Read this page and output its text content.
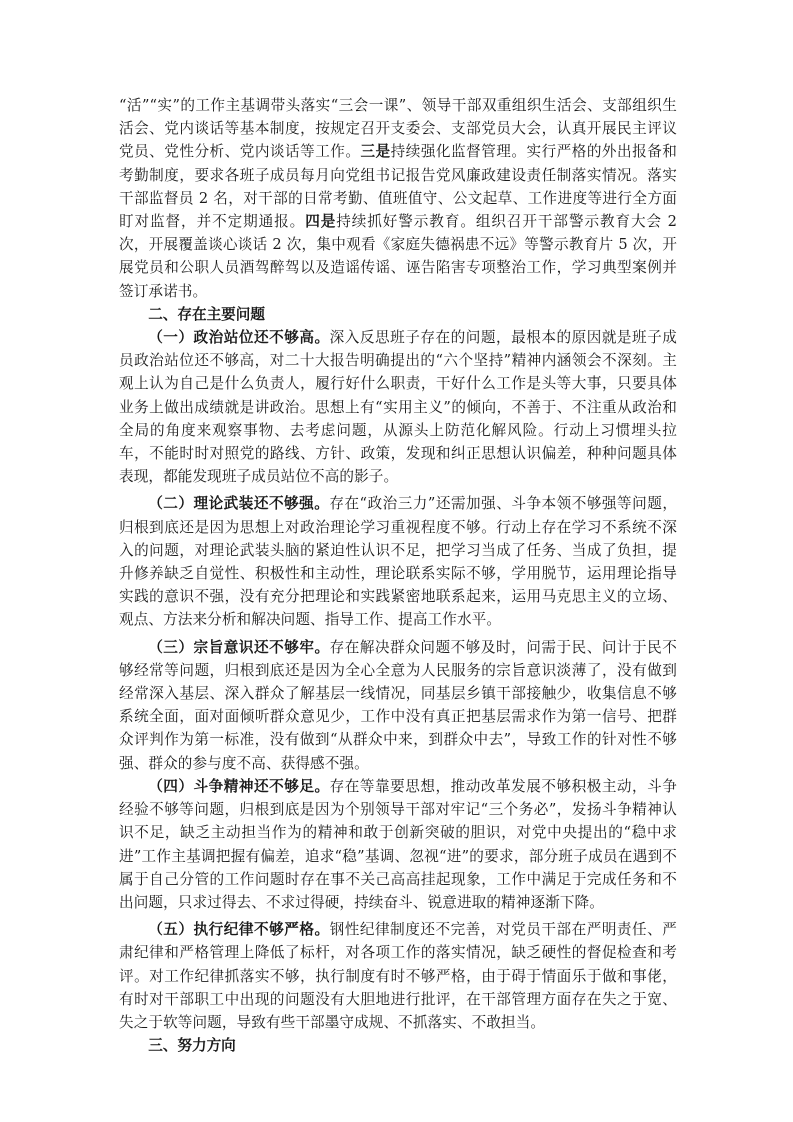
“活”“实”的工作主基调带头落实“三会一课”、领导干部双重组织生活会、支部组织生活会、党内谈话等基本制度，按规定召开支委会、支部党员大会，认真开展民主评议党员、党性分析、党内谈话等工作。三是持续强化监督管理。实行严格的外出报备和考勤制度，要求各班子成员每月向党组书记报告党风廉政建设责任制落实情况。落实干部监督员 2 名，对干部的日常考勤、值班值守、公文起草、工作进度等进行全方面盯对监督，并不定期通报。四是持续抓好警示教育。组织召开干部警示教育大会 2 次，开展覆盖谈心谈话 2 次，集中观看《家庭失德祸患不远》等警示教育片 5 次，开展党员和公职人员酒驾醉驾以及造谣传谣、诬告陷害专项整治工作，学习典型案例并签订承诺书。

二、存在主要问题

（一）政治站位还不够高。深入反思班子存在的问题，最根本的原因就是班子成员政治站位还不够高，对二十大报告明确提出的“六个坚持”精神内涵领会不深刻。主观上认为自己是什么负责人，履行好什么职责，干好什么工作是头等大事，只要具体业务上做出成绩就是讲政治。思想上有“实用主义”的倾向，不善于、不注重从政治和全局的角度来观察事物、去考虑问题，从源头上防范化解风险。行动上习惯埋头拉车，不能时时对照党的路线、方针、政策，发现和纠正思想认识偏差，种种问题具体表现，都能发现班子成员站位不高的影子。

（二）理论武装还不够强。存在“政治三力”还需加强、斗争本领不够强等问题，归根到底还是因为思想上对政治理论学习重视程度不够。行动上存在学习不系统不深入的问题，对理论武装头脑的紧迫性认识不足，把学习当成了任务、当成了负担，提升修养缺乏自觉性、积极性和主动性，理论联系实际不够，学用脱节，运用理论指导实践的意识不强，没有充分把理论和实践紧密地联系起来，运用马克思主义的立场、观点、方法来分析和解决问题、指导工作、提高工作水平。

（三）宗旨意识还不够牢。存在解决群众问题不够及时，问需于民、问计于民不够经常等问题，归根到底还是因为全心全意为人民服务的宗旨意识淡薄了，没有做到经常深入基层、深入群众了解基层一线情况，同基层乡镇干部接触少，收集信息不够系统全面，面对面倾听群众意见少，工作中没有真正把基层需求作为第一信号、把群众评判作为第一标准，没有做到“从群众中来，到群众中去”，导致工作的针对性不够强、群众的参与度不高、获得感不强。

（四）斗争精神还不够足。存在等靠要思想，推动改革发展不够积极主动，斗争经验不够等问题，归根到底是因为个别领导干部对牢记“三个务必”，发扬斗争精神认识不足，缺乏主动担当作为的精神和敢于创新突破的胆识，对党中央提出的“稳中求进”工作主基调把握有偏差，追求“稳”基调、忽视“进”的要求，部分班子成员在遇到不属于自己分管的工作问题时存在事不关己高高挂起现象，工作中满足于完成任务和不出问题，只求过得去、不求过得硬，持续奋斗、锐意进取的精神逐渐下降。

（五）执行纪律不够严格。钢性纪律制度还不完善，对党员干部在严明责任、严肃纪律和严格管理上降低了标杆，对各项工作的落实情况，缺乏硬性的督促检查和考评。对工作纪律抓落实不够，执行制度有时不够严格，由于碍于情面乐于做和事佬，有时对干部职工中出现的问题没有大胆地进行批评，在干部管理方面存在失之于宽、失之于软等问题，导致有些干部墨守成规、不抓落实、不敢担当。

三、努力方向
